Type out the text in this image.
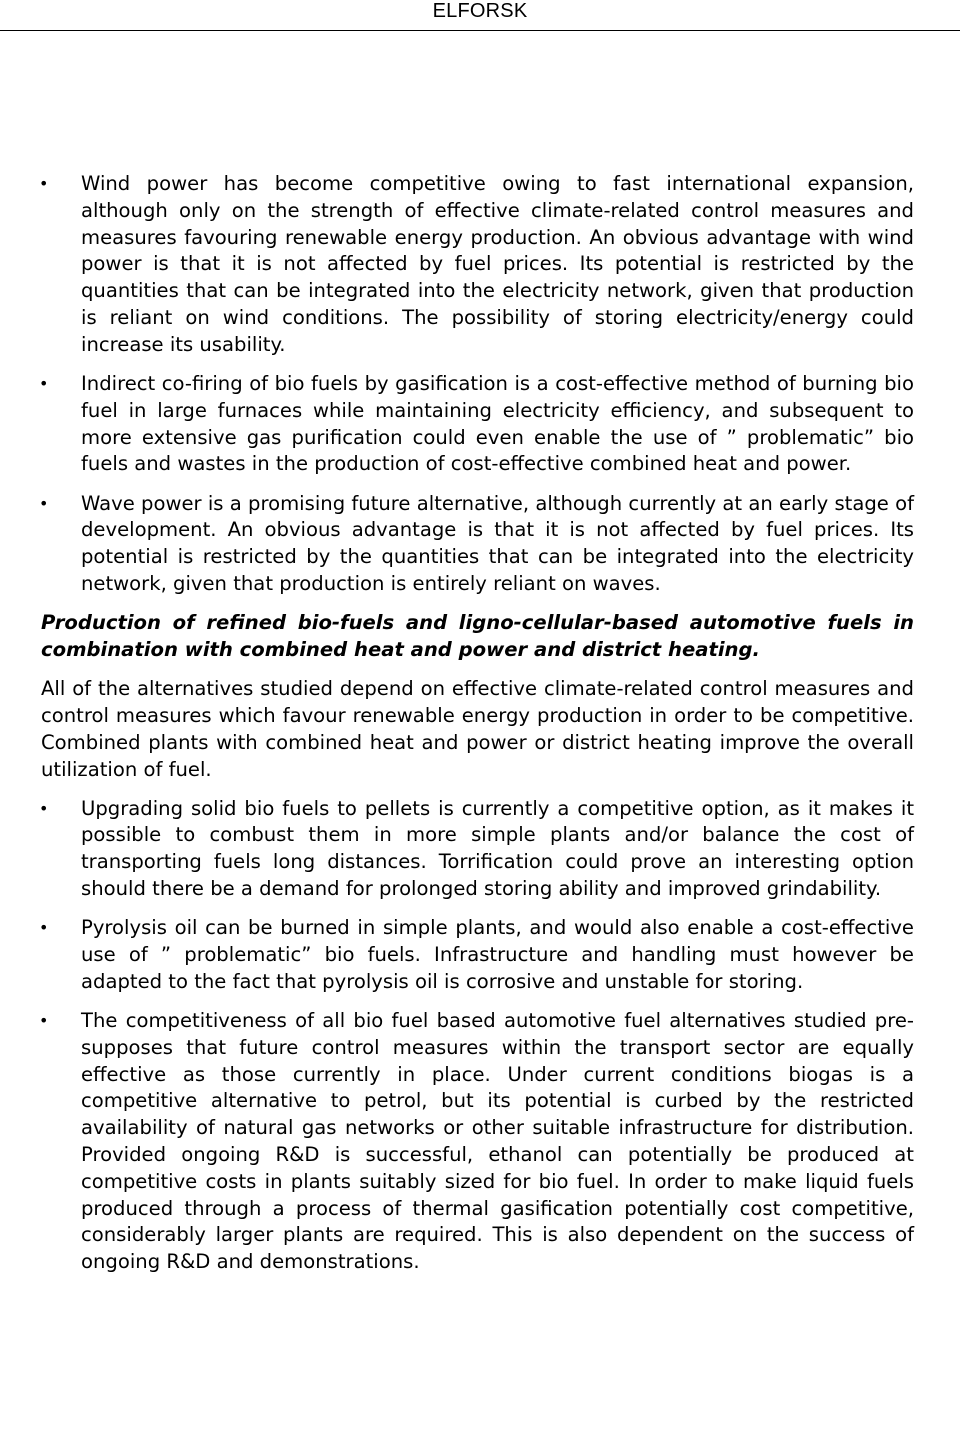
ELFORSK
•	Wind power has become competitive owing to fast international expansion, although only on the strength of effective climate-related control measures and measures favouring renewable energy production. An obvious advantage with wind power is that it is not affected by fuel prices. Its potential is restricted by the quantities that can be integrated into the electricity network, given that production is reliant on wind conditions. The possibility of storing electricity/energy could increase its usability.
•	Indirect co-firing of bio fuels by gasification is a cost-effective method of burning bio fuel in large furnaces while maintaining electricity efficiency, and subsequent to more extensive gas purification could even enable the use of ” problematic” bio fuels and wastes in the production of cost-effective combined heat and power.
•	Wave power is a promising future alternative, although currently at an early stage of development. An obvious advantage is that it is not affected by fuel prices. Its potential is restricted by the quantities that can be integrated into the electricity network, given that production is entirely reliant on waves.

Production of refined bio-fuels and ligno-cellular-based automotive fuels in combination with combined heat and power and district heating.

All of the alternatives studied depend on effective climate-related control measures and control measures which favour renewable energy production in order to be competitive. Combined plants with combined heat and power or district heating improve the overall utilization of fuel.

•	Upgrading solid bio fuels to pellets is currently a competitive option, as it makes it possible to combust them in more simple plants and/or balance the cost of transporting fuels long distances. Torrification could prove an interesting option should there be a demand for prolonged storing ability and improved grindability.
•	Pyrolysis oil can be burned in simple plants, and would also enable a cost-effective use of ” problematic” bio fuels. Infrastructure and handling must however be adapted to the fact that pyrolysis oil is corrosive and unstable for storing.
•	The competitiveness of all bio fuel based automotive fuel alternatives studied pre-supposes that future control measures within the transport sector are equally effective as those currently in place. Under current conditions biogas is a competitive alternative to petrol, but its potential is curbed by the restricted availability of natural gas networks or other suitable infrastructure for distribution. Provided ongoing R&D is successful, ethanol can potentially be produced at competitive costs in plants suitably sized for bio fuel. In order to make liquid fuels produced through a process of thermal gasification potentially cost competitive, considerably larger plants are required. This is also dependent on the success of ongoing R&D and demonstrations.
